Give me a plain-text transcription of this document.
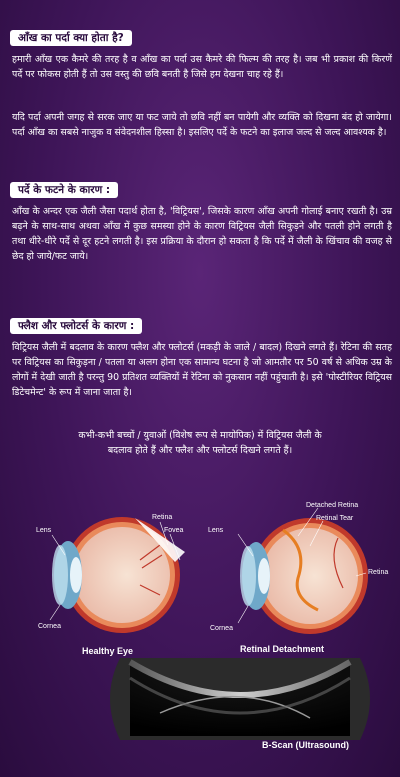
आँख का पर्दा क्या होता है?

हमारी आँख एक कैमरे की तरह है व आँख का पर्दा उस कैमरे की फिल्म की तरह है। जब भी प्रकाश की किरणें पर्दे पर फोकस होती हैं तो उस वस्तु की छवि बनती है जिसे हम देखना चाह रहे हैं।

यदि पर्दा अपनी जगह से सरक जाए या फट जाये तो छवि नहीं बन पायेगी और व्यक्ति को दिखना बंद हो जायेगा। पर्दा आँख का सबसे नाजुक व संवेदनशील हिस्सा है। इसलिए पर्दे के फटने का इलाज जल्द से जल्द आवश्यक है।

पर्दे के फटने के कारण :

आँख के अन्दर एक जैली जैसा पदार्थ होता है, 'विट्रियस', जिसके कारण आँख अपनी गोलाई बनाए रखती है। उम्र बढ़ने के साथ-साथ अथवा आँख में कुछ समस्या होने के कारण विट्रियस जैली सिकुड़ने और पतली होने लगती है तथा धीरे-धीरे पर्दे से दूर हटने लगती है। इस प्रक्रिया के दौरान हो सकता है कि पर्दे में जैली के खिंचाव की वजह से छेद हो जाये/फट जाये।

फ्लैश और फ्लोटर्स के कारण :

विट्रियस जैली में बदलाव के कारण फ्लैश और फ्लोटर्स (मकड़ी के जाले / बादल) दिखने लगते हैं। रेटिना की सतह पर विट्रियस का सिकुड़ना / पतला या अलग होना एक सामान्य घटना है जो आमतौर पर 50 वर्ष से अधिक उम्र के लोगों में देखी जाती है परन्तु 90 प्रतिशत व्यक्तियों में रेटिना को नुकसान नहीं पहुंचाती है। इसे 'पोस्टीरियर विट्रियस डिटेचमेन्ट' के रूप में जाना जाता है।

कभी-कभी बच्चों / युवाओं (विशेष रूप से मायोपिक) में विट्रियस जैली के बदलाव होते हैं और फ्लैश और फ्लोटर्स दिखने लगते हैं।

Lens
Retina
Fovea
Cornea
Lens
Detached Retina
Retinal Tear
Retina
Cornea
Healthy Eye	Retinal Detachment
B-Scan (Ultrasound)
